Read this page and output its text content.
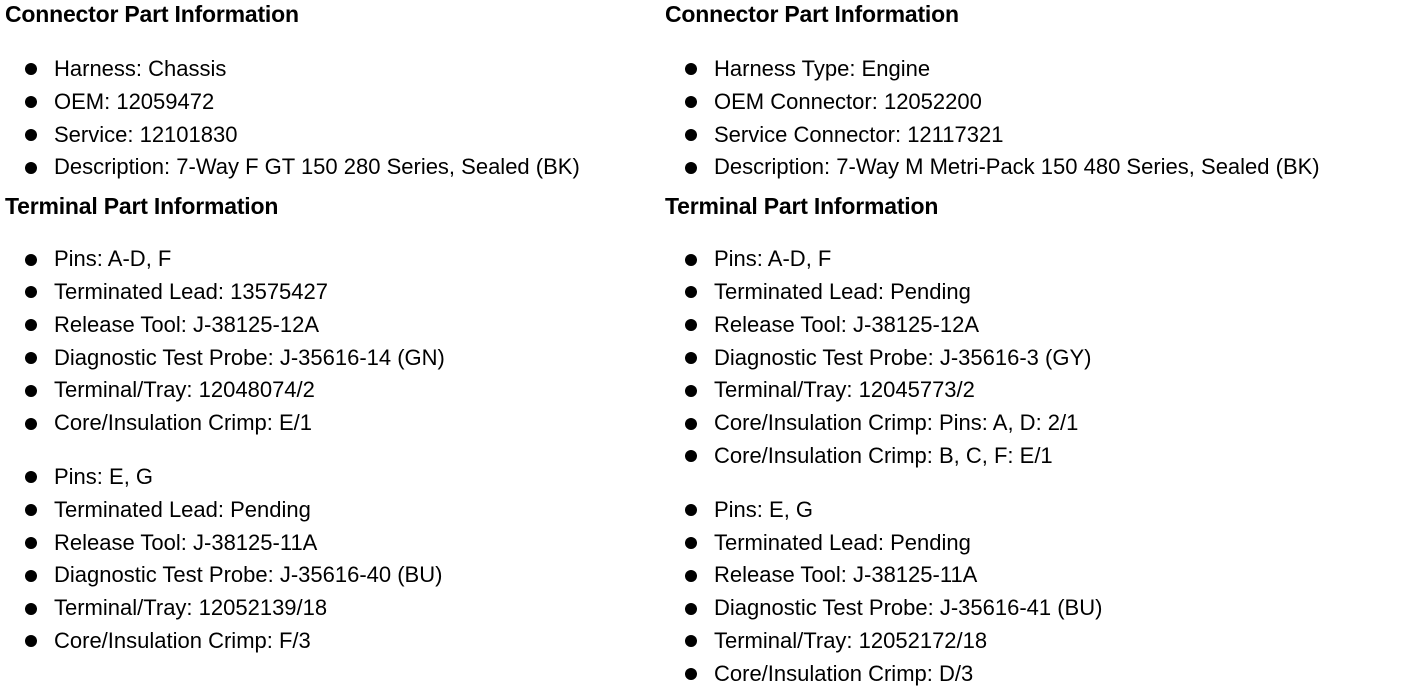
Connector Part Information
Harness: Chassis
OEM: 12059472
Service: 12101830
Description: 7-Way F GT 150 280 Series, Sealed (BK)
Terminal Part Information
Pins: A-D, F
Terminated Lead: 13575427
Release Tool: J-38125-12A
Diagnostic Test Probe: J-35616-14 (GN)
Terminal/Tray: 12048074/2
Core/Insulation Crimp: E/1
Pins: E, G
Terminated Lead: Pending
Release Tool: J-38125-11A
Diagnostic Test Probe: J-35616-40 (BU)
Terminal/Tray: 12052139/18
Core/Insulation Crimp: F/3
Connector Part Information
Harness Type: Engine
OEM Connector: 12052200
Service Connector: 12117321
Description: 7-Way M Metri-Pack 150 480 Series, Sealed (BK)
Terminal Part Information
Pins: A-D, F
Terminated Lead: Pending
Release Tool: J-38125-12A
Diagnostic Test Probe: J-35616-3 (GY)
Terminal/Tray: 12045773/2
Core/Insulation Crimp: Pins: A, D: 2/1
Core/Insulation Crimp: B, C, F: E/1
Pins: E, G
Terminated Lead: Pending
Release Tool: J-38125-11A
Diagnostic Test Probe: J-35616-41 (BU)
Terminal/Tray: 12052172/18
Core/Insulation Crimp: D/3
